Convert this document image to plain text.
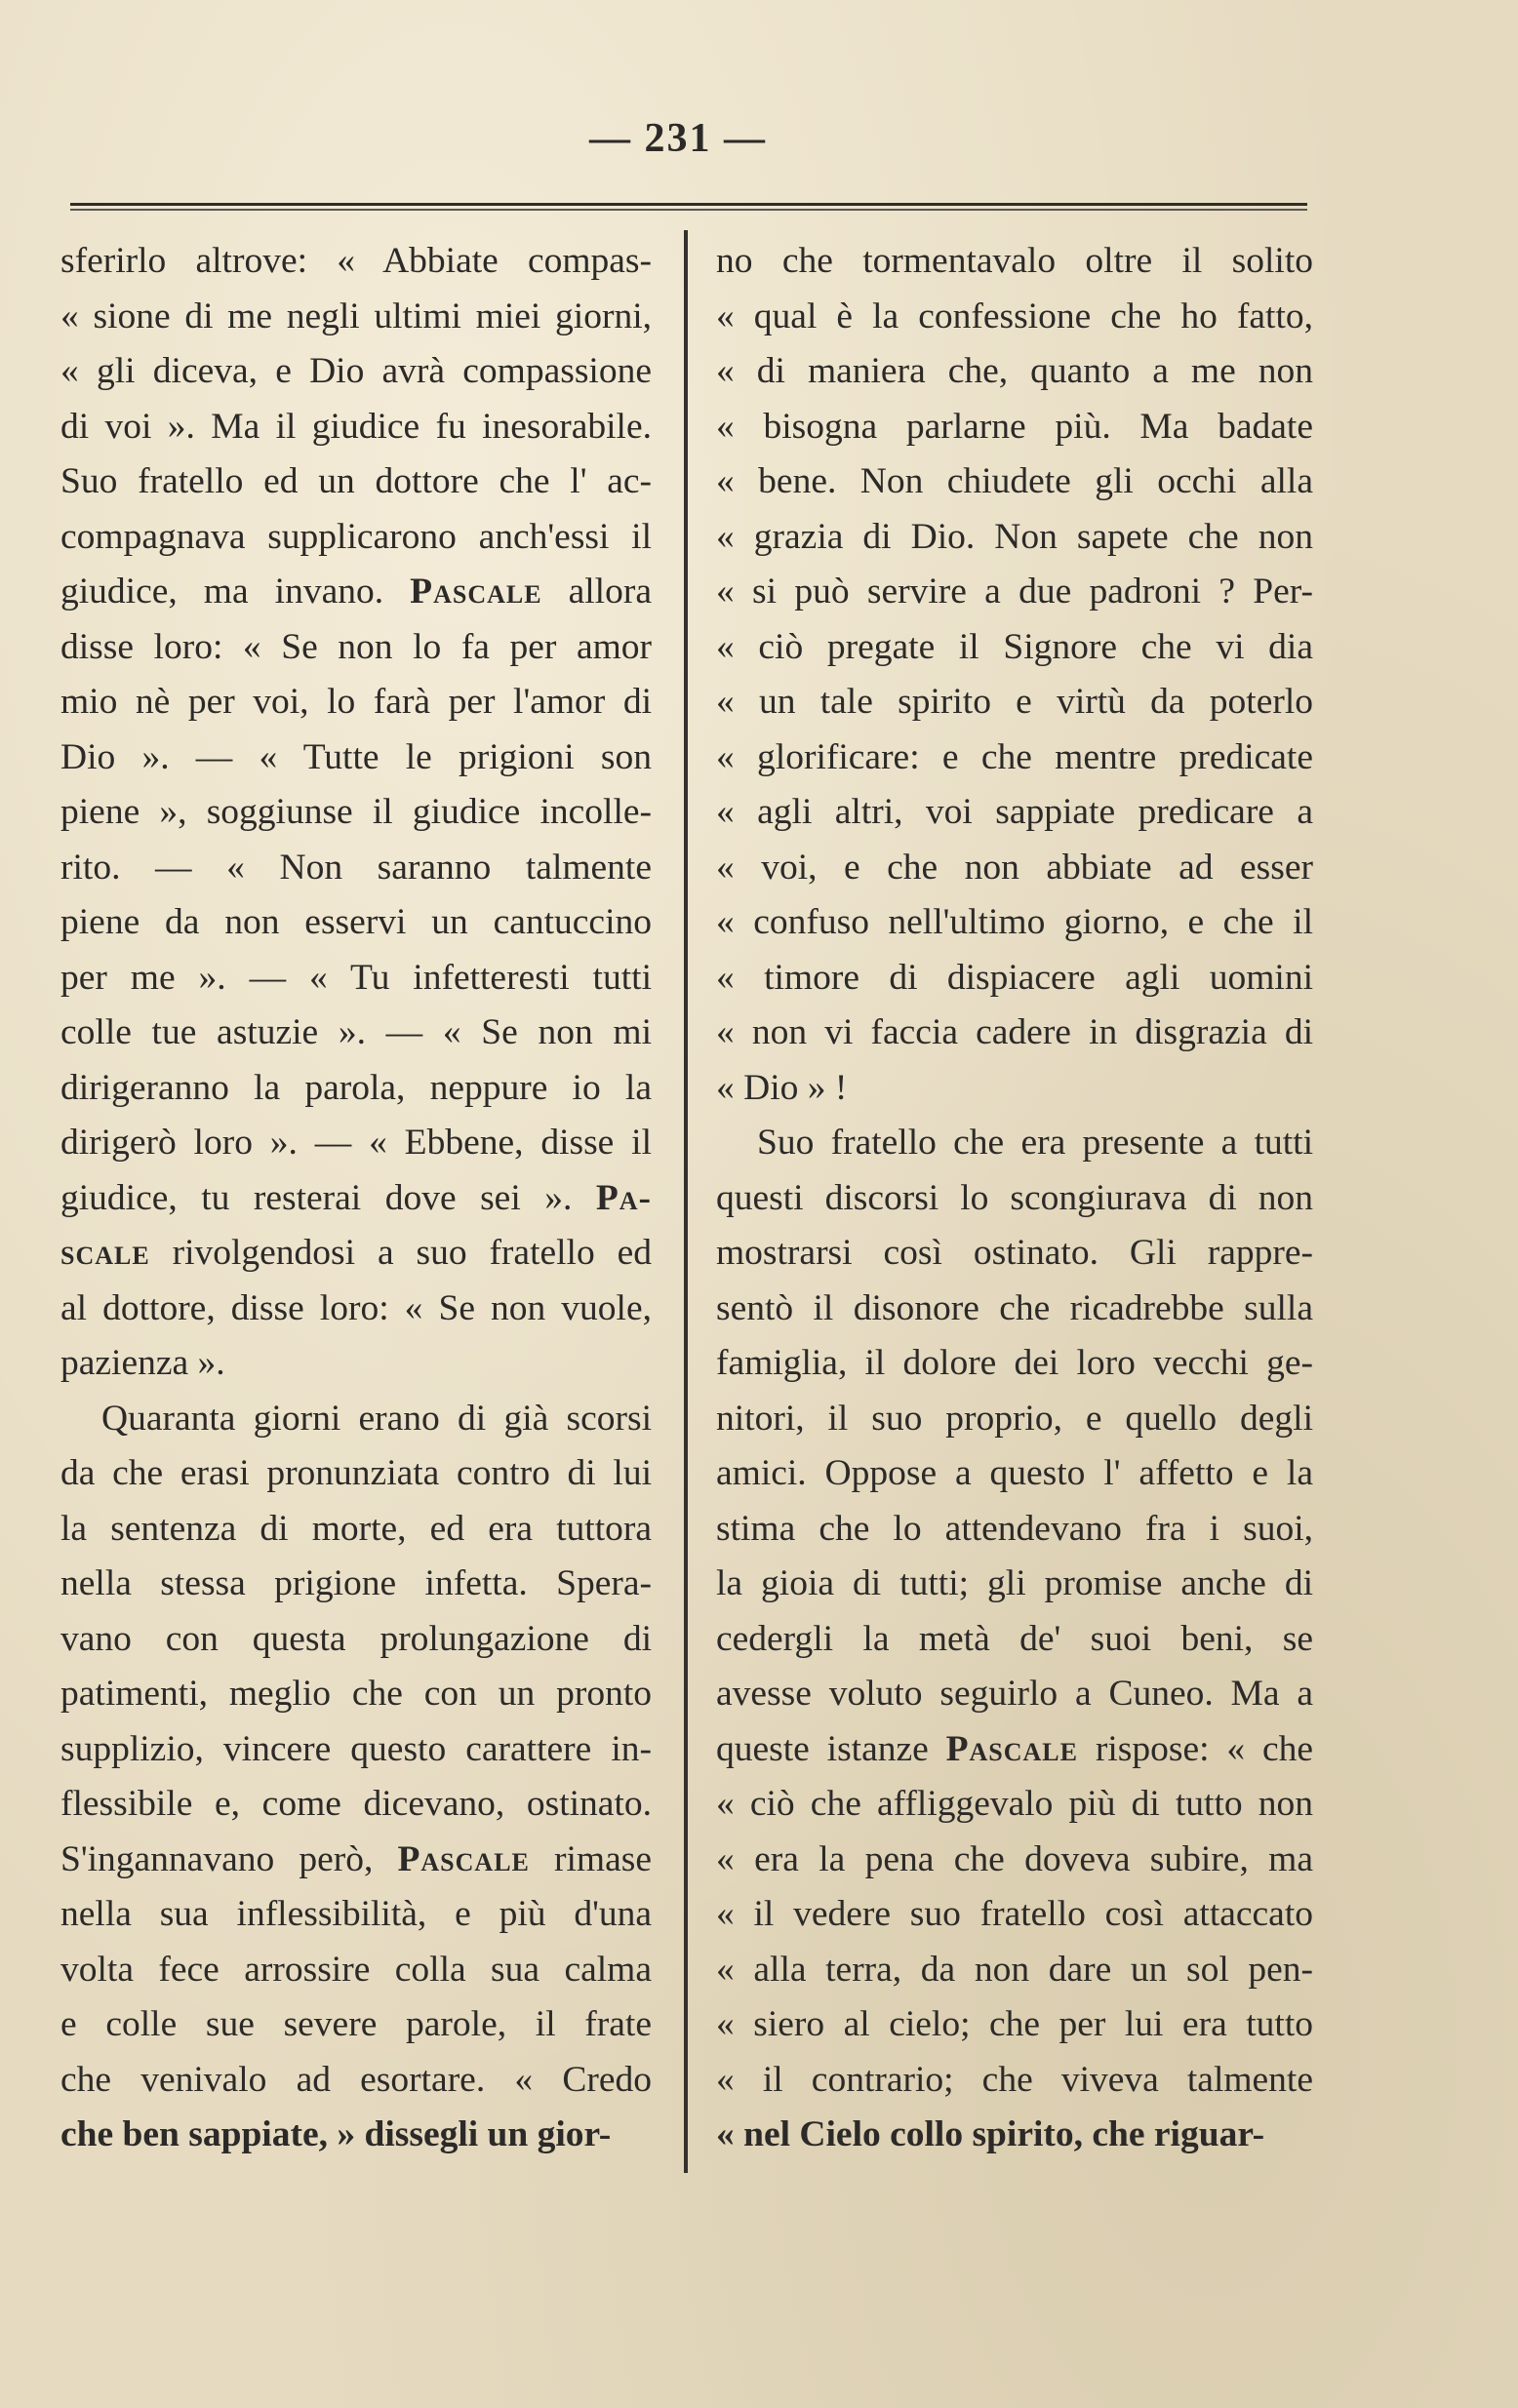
— 231 —
sferirlo altrove: « Abbiate compas-
« sione di me negli ultimi miei giorni,
« gli diceva, e Dio avrà compassione
di voi ». Ma il giudice fu inesorabile.
Suo fratello ed un dottore che l' ac-
compagnava supplicarono anch'essi il
giudice, ma invano. Pascale allora
disse loro: « Se non lo fa per amor
mio nè per voi, lo farà per l'amor di
Dio ». — « Tutte le prigioni son
piene », soggiunse il giudice incolle-
rito. — « Non saranno talmente
piene da non esservi un cantuccino
per me ». — « Tu infetteresti tutti
colle tue astuzie ». — « Se non mi
dirigeranno la parola, neppure io la
dirigerò loro ». — « Ebbene, disse il
giudice, tu resterai dove sei ». Pa-
scale rivolgendosi a suo fratello ed
al dottore, disse loro: « Se non vuole,
pazienza ».
Quaranta giorni erano di già scorsi
da che erasi pronunziata contro di lui
la sentenza di morte, ed era tuttora
nella stessa prigione infetta. Spera-
vano con questa prolungazione di
patimenti, meglio che con un pronto
supplizio, vincere questo carattere in-
flessibile e, come dicevano, ostinato.
S'ingannavano però, Pascale rimase
nella sua inflessibilità, e più d'una
volta fece arrossire colla sua calma
e colle sue severe parole, il frate
che venivalo ad esortare. « Credo
che ben sappiate, » dissegli un gior-
no che tormentavalo oltre il solito
« qual è la confessione che ho fatto,
« di maniera che, quanto a me non
« bisogna parlarne più. Ma badate
« bene. Non chiudete gli occhi alla
« grazia di Dio. Non sapete che non
« si può servire a due padroni ? Per-
« ciò pregate il Signore che vi dia
« un tale spirito e virtù da poterlo
« glorificare: e che mentre predicate
« agli altri, voi sappiate predicare a
« voi, e che non abbiate ad esser
« confuso nell'ultimo giorno, e che il
« timore di dispiacere agli uomini
« non vi faccia cadere in disgrazia di
« Dio » !
Suo fratello che era presente a tutti
questi discorsi lo scongiurava di non
mostrarsi così ostinato. Gli rappre-
sentò il disonore che ricadrebbe sulla
famiglia, il dolore dei loro vecchi ge-
nitori, il suo proprio, e quello degli
amici. Oppose a questo l' affetto e la
stima che lo attendevano fra i suoi,
la gioia di tutti; gli promise anche di
cedergli la metà de' suoi beni, se
avesse voluto seguirlo a Cuneo. Ma a
queste istanze Pascale rispose: « che
« ciò che affliggevalo più di tutto non
« era la pena che doveva subire, ma
« il vedere suo fratello così attaccato
« alla terra, da non dare un sol pen-
« siero al cielo; che per lui era tutto
« il contrario; che viveva talmente
« nel Cielo collo spirito, che riguar-
